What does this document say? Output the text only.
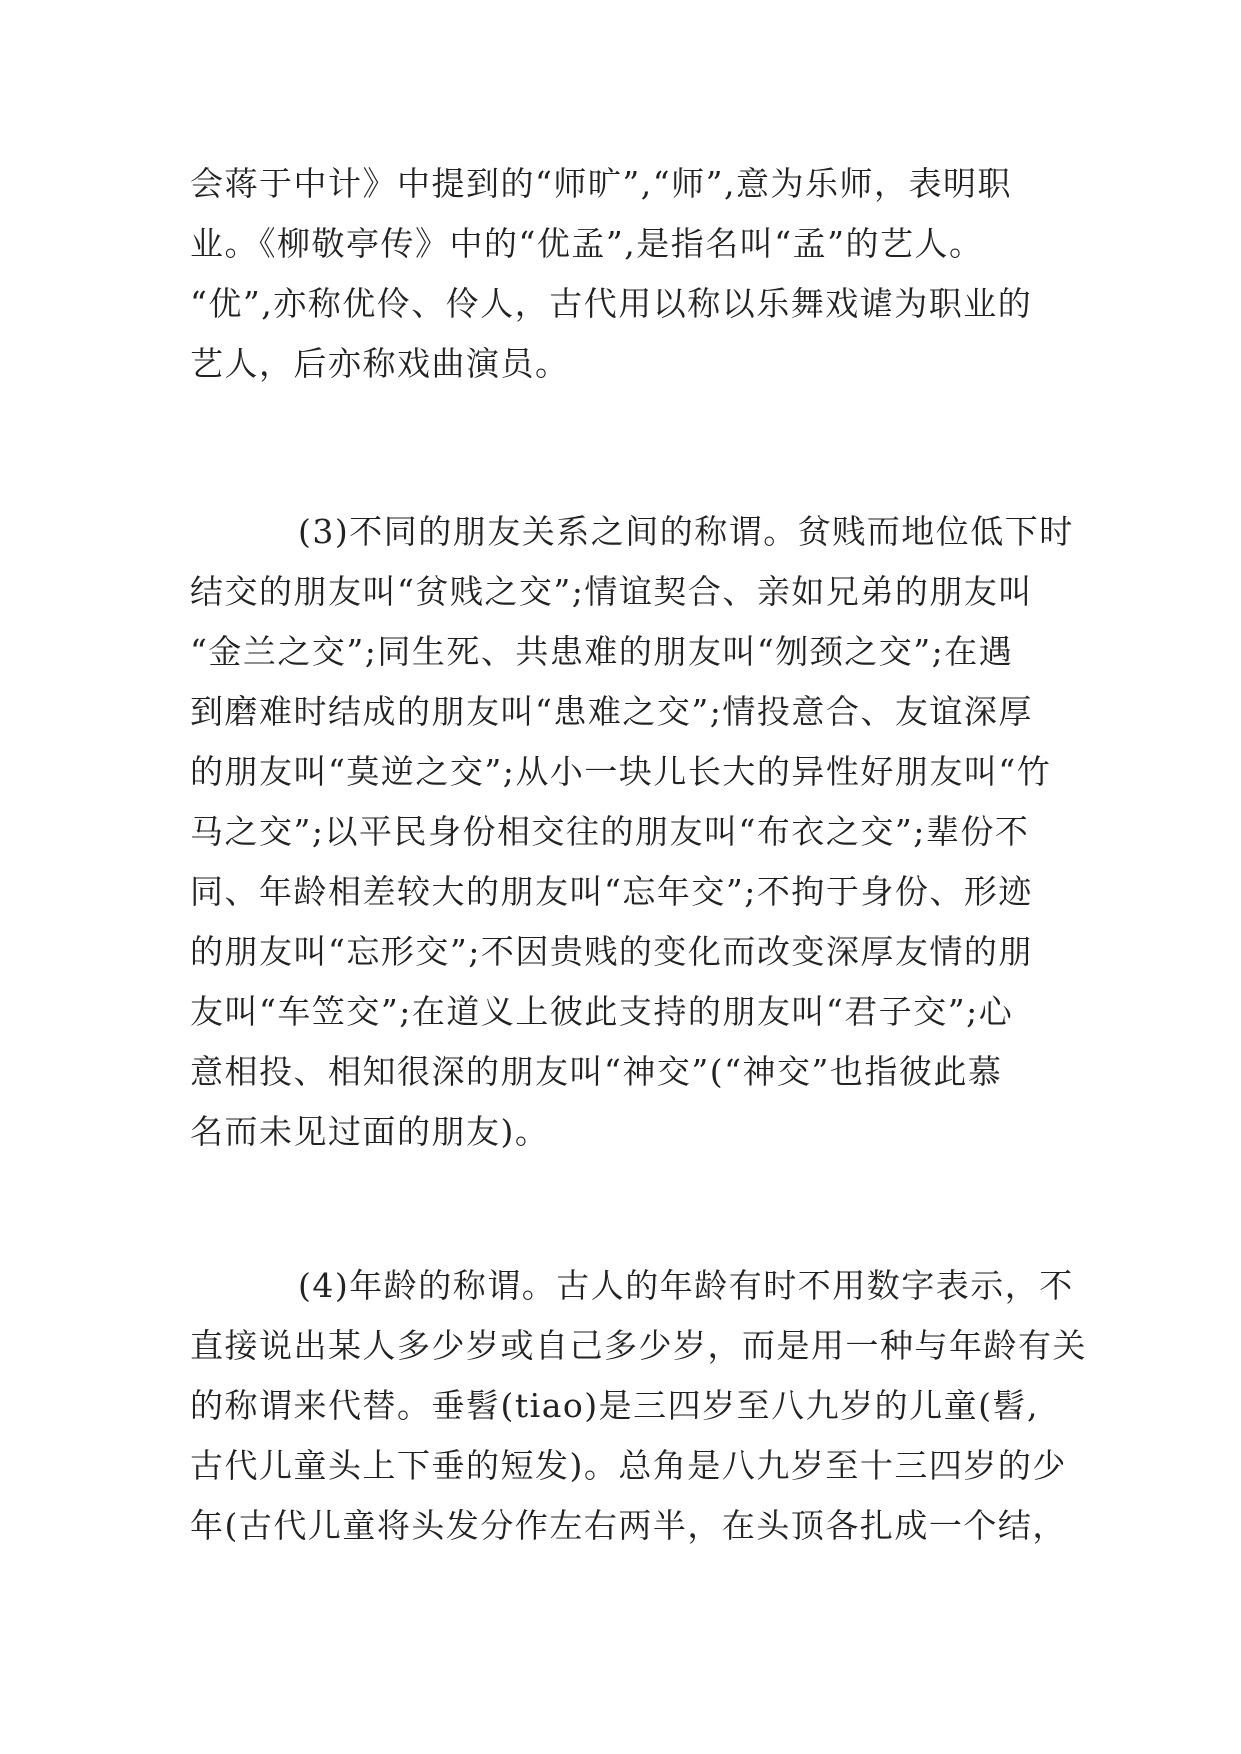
会蒋于中计》中提到的“师旷”,“师”,意为乐师，表明职
业。《柳敬亭传》中的“优孟”,是指名叫“孟”的艺人。
“优”,亦称优伶、伶人，古代用以称以乐舞戏谑为职业的
艺人，后亦称戏曲演员。
(3)不同的朋友关系之间的称谓。贫贱而地位低下时
结交的朋友叫“贫贱之交”;情谊契合、亲如兄弟的朋友叫
“金兰之交”;同生死、共患难的朋友叫“刎颈之交”;在遇
到磨难时结成的朋友叫“患难之交”;情投意合、友谊深厚
的朋友叫“莫逆之交”;从小一块儿长大的异性好朋友叫“竹
马之交”;以平民身份相交往的朋友叫“布衣之交”;辈份不
同、年龄相差较大的朋友叫“忘年交”;不拘于身份、形迹
的朋友叫“忘形交”;不因贵贱的变化而改变深厚友情的朋
友叫“车笠交”;在道义上彼此支持的朋友叫“君子交”;心
意相投、相知很深的朋友叫“神交”(“神交”也指彼此慕
名而未见过面的朋友)。
(4)年龄的称谓。古人的年龄有时不用数字表示，不
直接说出某人多少岁或自己多少岁，而是用一种与年龄有关
的称谓来代替。垂髫(tiao)是三四岁至八九岁的儿童(髫,
古代儿童头上下垂的短发)。总角是八九岁至十三四岁的少
年(古代儿童将头发分作左右两半，在头顶各扎成一个结，
